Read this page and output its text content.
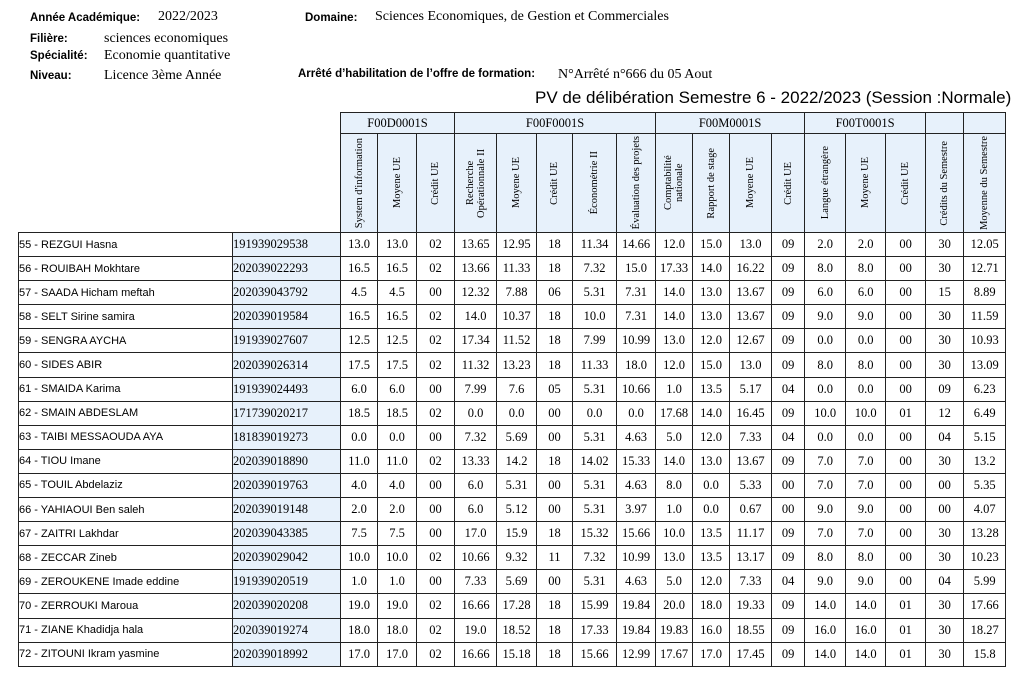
Année Académique: 2022/2023
Filière:	sciences economiques
Spécialité: Economie quantitative
Niveau: Licence 3ème Année
Domaine: Sciences Economiques, de Gestion et Commerciales
Arrêté d’habilitation de l’offre de formation: N°Arrêté n°666 du 05 Aout
PV de délibération Semestre 6 - 2022/2023 (Session :Normale)
		F00D0001S			F00F0001S					F00M0001S				F00T0001S				

		System d'information	Moyene UE	Crédit UE	Recherche Opérationnale II	Moyene UE	Crédit UE	Économétrie II	Évaluation des projets	Comptabilité nationale	Rapport de stage	Moyene UE	Crédit UE	Langue étrangère	Moyene UE	Crédit UE	Crédits du Semestre	Moyenne du Semestre

55 - REZGUI Hasna	191939029538	13.0	13.0	02	13.65	12.95	18	11.34	14.66	12.0	15.0	13.0	09	2.0	2.0	00	30	12.05
56 - ROUIBAH Mokhtare	202039022293	16.5	16.5	02	13.66	11.33	18	7.32	15.0	17.33	14.0	16.22	09	8.0	8.0	00	30	12.71
57 - SAADA Hicham meftah	202039043792	4.5	4.5	00	12.32	7.88	06	5.31	7.31	14.0	13.0	13.67	09	6.0	6.0	00	15	8.89
58 - SELT Sirine samira	202039019584	16.5	16.5	02	14.0	10.37	18	10.0	7.31	14.0	13.0	13.67	09	9.0	9.0	00	30	11.59
59 - SENGRA AYCHA	191939027607	12.5	12.5	02	17.34	11.52	18	7.99	10.99	13.0	12.0	12.67	09	0.0	0.0	00	30	10.93
60 - SIDES ABIR	202039026314	17.5	17.5	02	11.32	13.23	18	11.33	18.0	12.0	15.0	13.0	09	8.0	8.0	00	30	13.09
61 - SMAIDA Karima	191939024493	6.0	6.0	00	7.99	7.6	05	5.31	10.66	1.0	13.5	5.17	04	0.0	0.0	00	09	6.23
62 - SMAIN ABDESLAM	171739020217	18.5	18.5	02	0.0	0.0	00	0.0	0.0	17.68	14.0	16.45	09	10.0	10.0	01	12	6.49
63 - TAIBI MESSAOUDA AYA	181839019273	0.0	0.0	00	7.32	5.69	00	5.31	4.63	5.0	12.0	7.33	04	0.0	0.0	00	04	5.15
64 - TIOU Imane	202039018890	11.0	11.0	02	13.33	14.2	18	14.02	15.33	14.0	13.0	13.67	09	7.0	7.0	00	30	13.2
65 - TOUIL Abdelaziz	202039019763	4.0	4.0	00	6.0	5.31	00	5.31	4.63	8.0	0.0	5.33	00	7.0	7.0	00	00	5.35
66 - YAHIAOUI Ben saleh	202039019148	2.0	2.0	00	6.0	5.12	00	5.31	3.97	1.0	0.0	0.67	00	9.0	9.0	00	00	4.07
67 - ZAITRI Lakhdar	202039043385	7.5	7.5	00	17.0	15.9	18	15.32	15.66	10.0	13.5	11.17	09	7.0	7.0	00	30	13.28
68 - ZECCAR Zineb	202039029042	10.0	10.0	02	10.66	9.32	11	7.32	10.99	13.0	13.5	13.17	09	8.0	8.0	00	30	10.23
69 - ZEROUKENE Imade eddine	191939020519	1.0	1.0	00	7.33	5.69	00	5.31	4.63	5.0	12.0	7.33	04	9.0	9.0	00	04	5.99
70 - ZERROUKI Maroua	202039020208	19.0	19.0	02	16.66	17.28	18	15.99	19.84	20.0	18.0	19.33	09	14.0	14.0	01	30	17.66
71 - ZIANE Khadidja hala	202039019274	18.0	18.0	02	19.0	18.52	18	17.33	19.84	19.83	16.0	18.55	09	16.0	16.0	01	30	18.27
72 - ZITOUNI Ikram yasmine	202039018992	17.0	17.0	02	16.66	15.18	18	15.66	12.99	17.67	17.0	17.45	09	14.0	14.0	01	30	15.8
